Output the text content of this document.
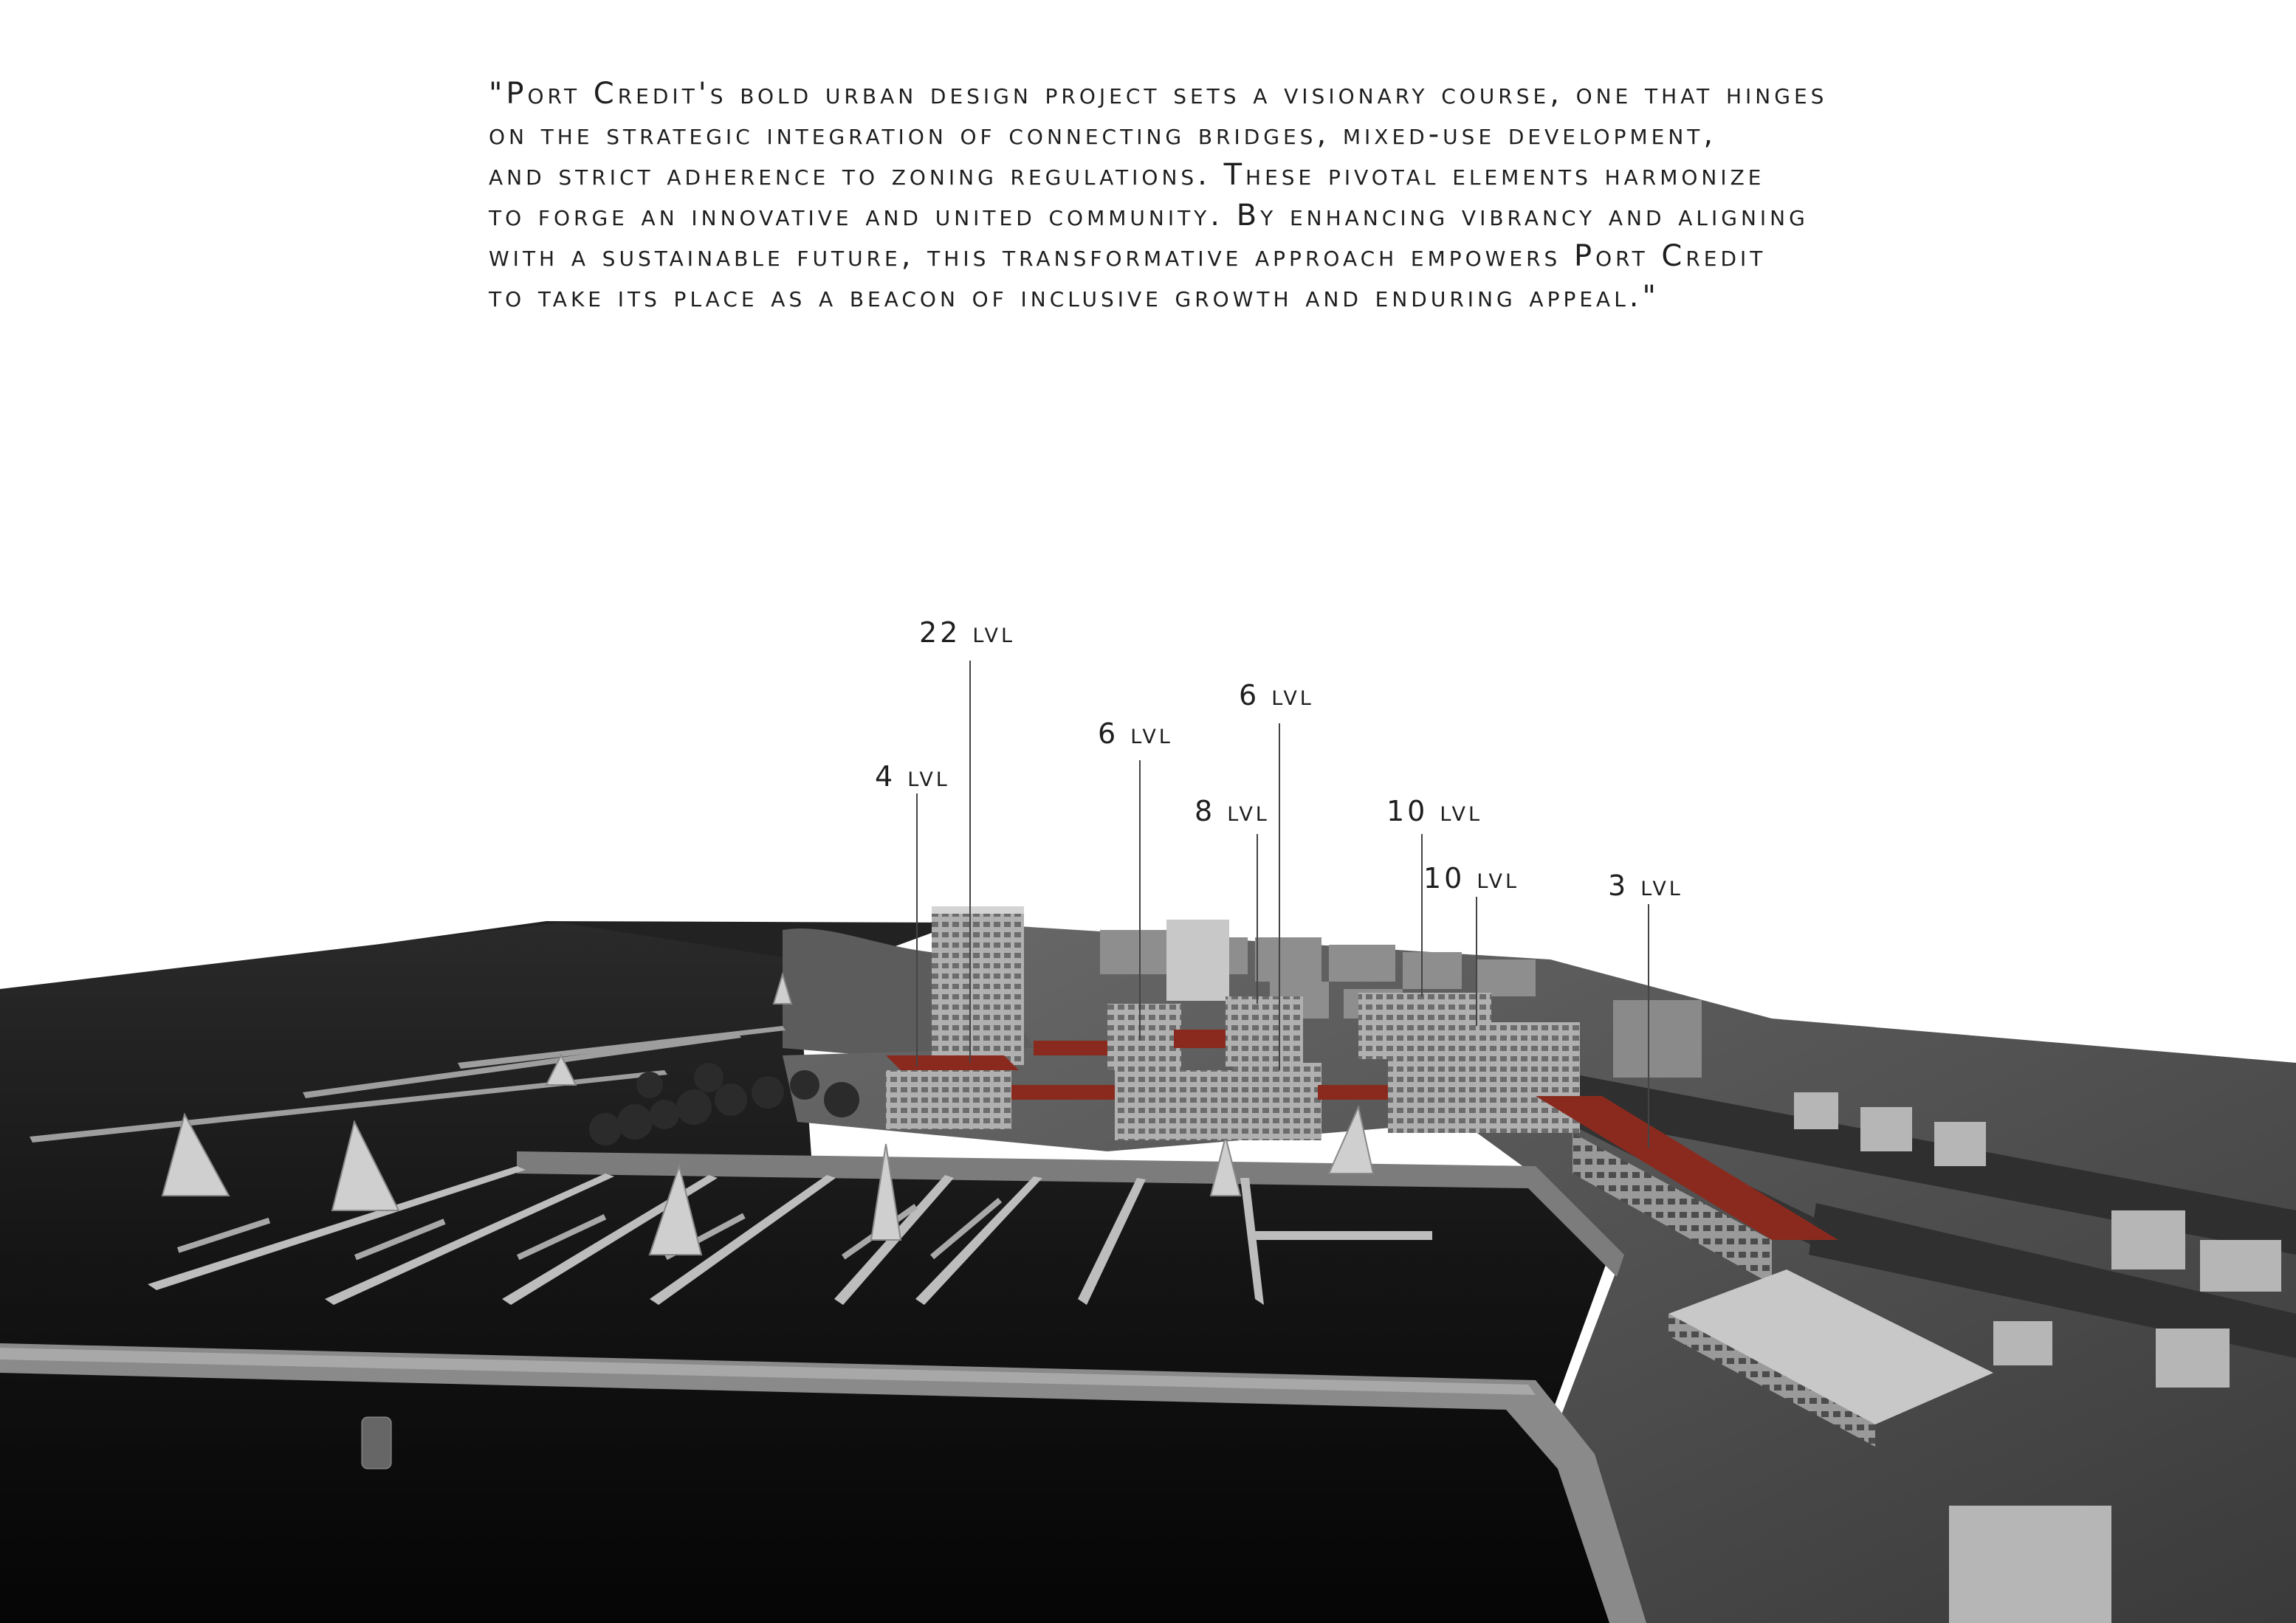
"Port Credit's bold urban design project sets a visionary course, one that hinges
on the strategic integration of connecting bridges, mixed-use development,
and strict adherence to zoning regulations. These pivotal elements harmonize
to forge an innovative and united community. By enhancing vibrancy and aligning
with a sustainable future, this transformative approach empowers Port Credit
to take its place as a beacon of inclusive growth and enduring appeal."
22 lvl
4 lvl
6 lvl
6 lvl
8 lvl	10 lvl
10 lvl	3 lvl
